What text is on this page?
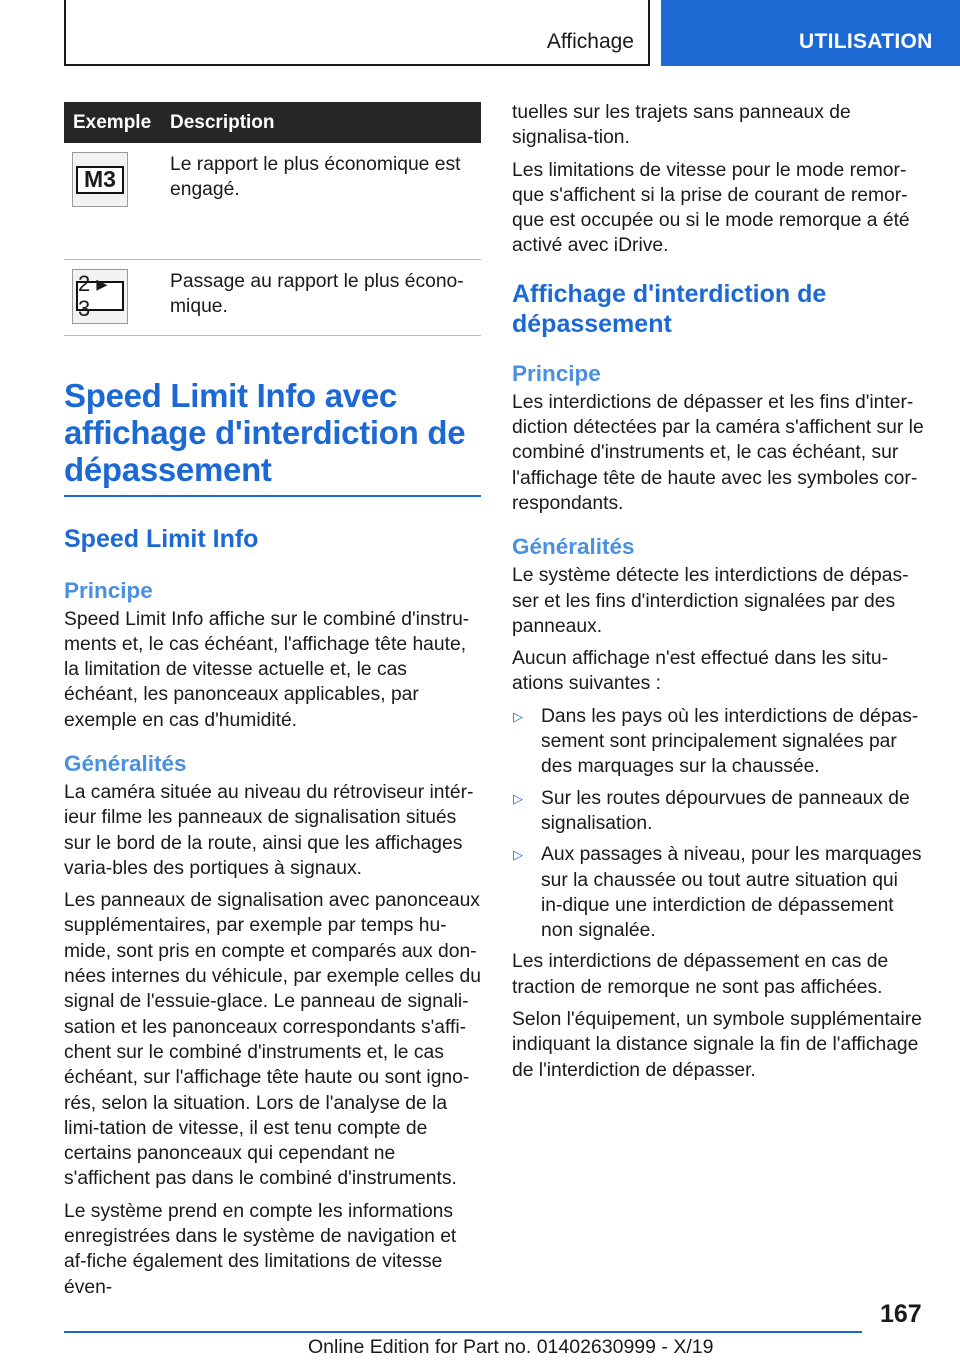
Affichage	UTILISATION
Exemple	Description

M3	Le rapport le plus économique est engagé.

2 ▸ 3	Passage au rapport le plus écono-mique.
Speed Limit Info avec affichage d'interdiction de dépassement
Speed Limit Info
Principe

Speed Limit Info affiche sur le combiné d'instru-ments et, le cas échéant, l'affichage tête haute, la limitation de vitesse actuelle et, le cas échéant, les panonceaux applicables, par exemple en cas d'humidité.

Généralités

La caméra située au niveau du rétroviseur intér-ieur filme les panneaux de signalisation situés sur le bord de la route, ainsi que les affichages varia-bles des portiques à signaux.

Les panneaux de signalisation avec panonceaux supplémentaires, par exemple par temps hu-mide, sont pris en compte et comparés aux don-nées internes du véhicule, par exemple celles du signal de l'essuie-glace. Le panneau de signali-sation et les panonceaux correspondants s'affi-chent sur le combiné d'instruments et, le cas échéant, sur l'affichage tête haute ou sont igno-rés, selon la situation. Lors de l'analyse de la limi-tation de vitesse, il est tenu compte de certains panonceaux qui cependant ne s'affichent pas dans le combiné d'instruments.

Le système prend en compte les informations enregistrées dans le système de navigation et af-fiche également des limitations de vitesse éven-

tuelles sur les trajets sans panneaux de signalisa-tion.

Les limitations de vitesse pour le mode remor-que s'affichent si la prise de courant de remor-que est occupée ou si le mode remorque a été activé avec iDrive.

Affichage d'interdiction de dépassement
Principe

Les interdictions de dépasser et les fins d'inter-diction détectées par la caméra s'affichent sur le combiné d'instruments et, le cas échéant, sur l'affichage tête de haute avec les symboles cor-respondants.

Généralités

Le système détecte les interdictions de dépas-ser et les fins d'interdiction signalées par des panneaux.

Aucun affichage n'est effectué dans les situ-ations suivantes :

▷ Dans les pays où les interdictions de dépas-sement sont principalement signalées par des marquages sur la chaussée.
▷ Sur les routes dépourvues de panneaux de signalisation.
▷ Aux passages à niveau, pour les marquages sur la chaussée ou tout autre situation qui in-dique une interdiction de dépassement non signalée.

Les interdictions de dépassement en cas de traction de remorque ne sont pas affichées.

Selon l'équipement, un symbole supplémentaire indiquant la distance signale la fin de l'affichage de l'interdiction de dépasser.

167
Online Edition for Part no. 01402630999 - X/19
